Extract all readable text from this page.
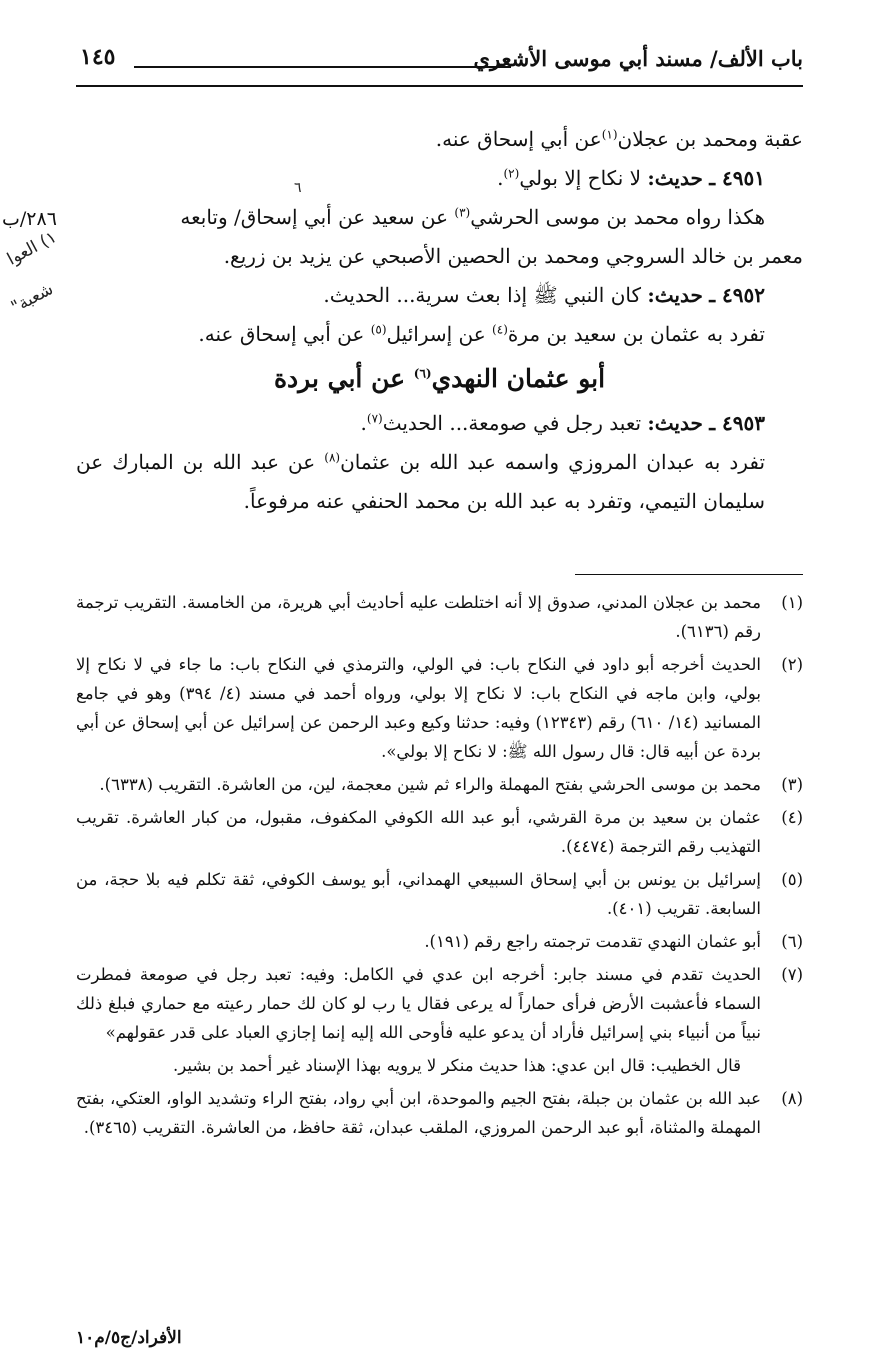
باب الألف/ مسند أبي موسى الأشعري
١٤٥

عقبة ومحمد بن عجلان$^{(١)}$عن أبي إسحاق عنه.

٤٩٥١ ـ حديث: لا نكاح إلا بولي$^{(٢)}$.

هكذا رواه محمد بن موسى الحرشي$^{(٣)}$ عن سعيد عن أبي إسحاق/ وتابعه

معمر بن خالد السروجي ومحمد بن الحصين الأصبحي عن يزيد بن زريع.

٤٩٥٢ ـ حديث: كان النبي ﷺ إذا بعث سرية... الحديث.

تفرد به عثمان بن سعيد بن مرة$^{(٤)}$ عن إسرائيل$^{(٥)}$ عن أبي إسحاق عنه.

أبو عثمان النهدي$^{(٦)}$ عن أبي بردة

٤٩٥٣ ـ حديث: تعبد رجل في صومعة... الحديث$^{(٧)}$.

تفرد به عبدان المروزي واسمه عبد الله بن عثمان$^{(٨)}$ عن عبد الله بن المبارك عن سليمان التيمي، وتفرد به عبد الله بن محمد الحنفي عنه مرفوعاً.

(١)
محمد بن عجلان المدني، صدوق إلا أنه اختلطت عليه أحاديث أبي هريرة، من الخامسة. التقريب ترجمة رقم (٦١٣٦).
(٢)
الحديث أخرجه أبو داود في النكاح باب: في الولي، والترمذي في النكاح باب: ما جاء في لا نكاح إلا بولي، وابن ماجه في النكاح باب: لا نكاح إلا بولي، ورواه أحمد في مسند (٤/ ٣٩٤) وهو في جامع المسانيد (١٤/ ٦١٠) رقم (١٢٣٤٣) وفيه: حدثنا وكيع وعبد الرحمن عن إسرائيل عن أبي إسحاق عن أبي بردة عن أبيه قال: قال رسول الله ﷺ: لا نكاح إلا بولي».
(٣)
محمد بن موسى الحرشي بفتح المهملة والراء ثم شين معجمة، لين، من العاشرة. التقريب (٦٣٣٨).
(٤)
عثمان بن سعيد بن مرة القرشي، أبو عبد الله الكوفي المكفوف، مقبول، من كبار العاشرة. تقريب التهذيب رقم الترجمة (٤٤٧٤).
(٥)
إسرائيل بن يونس بن أبي إسحاق السبيعي الهمداني، أبو يوسف الكوفي، ثقة تكلم فيه بلا حجة، من السابعة. تقريب (٤٠١).
(٦)
أبو عثمان النهدي تقدمت ترجمته راجع رقم (١٩١).
(٧)
الحديث تقدم في مسند جابر: أخرجه ابن عدي في الكامل: وفيه: تعبد رجل في صومعة فمطرت السماء فأعشبت الأرض فرأى حماراً له يرعى فقال يا رب لو كان لك حمار رعيته مع حماري فبلغ ذلك نبياً من أنبياء بني إسرائيل فأراد أن يدعو عليه فأوحى الله إليه إنما إجازي العباد على قدر عقولهم»
قال الخطيب: قال ابن عدي: هذا حديث منكر لا يرويه بهذا الإسناد غير أحمد بن بشير.
(٨)
عبد الله بن عثمان بن جبلة، بفتح الجيم والموحدة، ابن أبي رواد، بفتح الراء وتشديد الواو، العتكي، بفتح المهملة والمثناة، أبو عبد الرحمن المروزي، الملقب عبدان، ثقة حافظ، من العاشرة. التقريب (٣٤٦٥).
الأفراد/ج٥/م١٠
٢٨٦/ب
٦
١) العوا
شعبة"
